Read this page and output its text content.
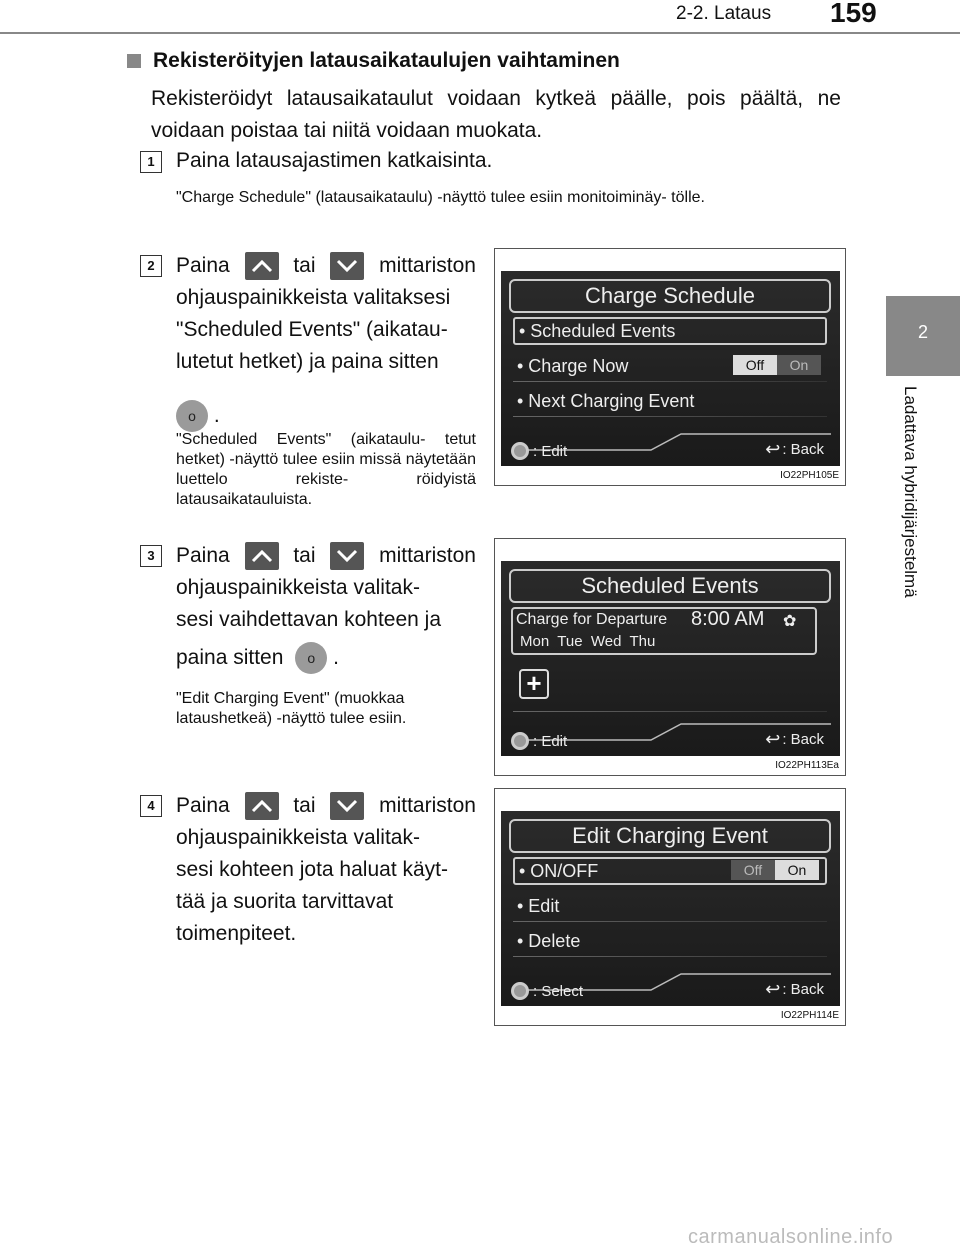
2-2. Lataus 159
2
Ladattava hybridijärjestelmä
Rekisteröityjen latausaikataulujen vaihtaminen
Rekisteröidyt latausaikataulut voidaan kytkeä päälle, pois päältä, ne voidaan poistaa tai niitä voidaan muokata.
1	Paina latausajastimen katkaisinta.
"Charge Schedule" (latausaikataulu) -näyttö tulee esiin monitoiminäy- tölle.
2	Paina	tai	mittariston
ohjauspainikkeista valitaksesi
"Scheduled Events" (aikatau-
lutetut hetket) ja paina sitten
o .
"Scheduled Events" (aikataulu- tetut hetket) -näyttö tulee esiin missä näytetään luettelo rekiste- röidyistä latausaikatauluista.
3	Paina	tai	mittariston
ohjauspainikkeista valitak-
sesi vaihdettavan kohteen ja
paina sitten o .
"Edit Charging Event" (muokkaa lataushetkeä) -näyttö tulee esiin.
4	Paina	tai	mittariston
ohjauspainikkeista valitak-
sesi kohteen jota haluat käyt-
tää ja suorita tarvittavat
toimenpiteet.
Charge Schedule
• Scheduled Events
• Charge Now	Off	On
• Next Charging Event
: Edit	↩ : Back
IO22PH105E
Scheduled Events
Charge for Departure 8:00 AM ✿
Mon  Tue  Wed  Thu
+
: Edit	↩ : Back
IO22PH113Ea
Edit Charging Event
• ON/OFF	Off	On
• Edit
• Delete
: Select	↩ : Back
IO22PH114E
carmanualsonline.info
